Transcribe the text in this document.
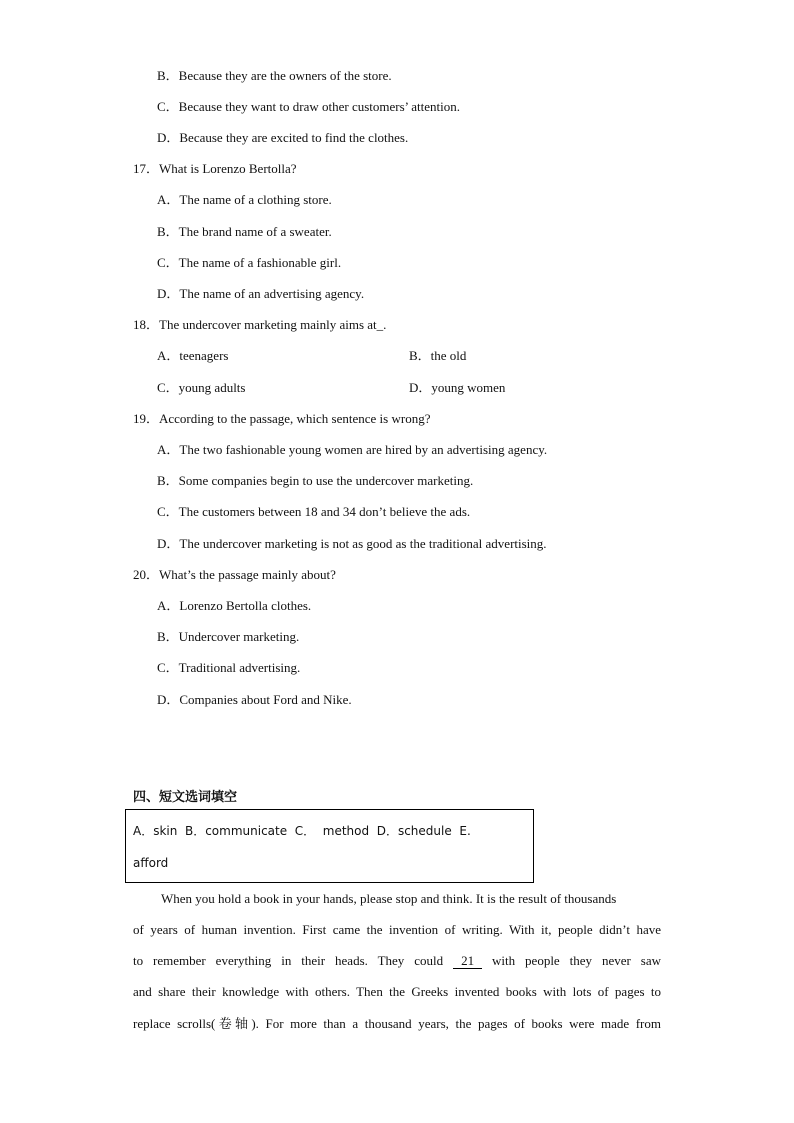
B．Because they are the owners of the store.
C．Because they want to draw other customers’ attention.
D．Because they are excited to find the clothes.
17．What is Lorenzo Bertolla?
A．The name of a clothing store.
B．The brand name of a sweater.
C．The name of a fashionable girl.
D．The name of an advertising agency.
18．The undercover marketing mainly aims at_.
A．teenagers	B．the old
C．young adults	D．young women
19．According to the passage, which sentence is wrong?
A．The two fashionable young women are hired by an advertising agency.
B．Some companies begin to use the undercover marketing.
C．The customers between 18 and 34 don’t believe the ads.
D．The undercover marketing is not as good as the traditional advertising.
20．What’s the passage mainly about?
A．Lorenzo Bertolla clothes.
B．Undercover marketing.
C．Traditional advertising.
D．Companies about Ford and Nike.
四、短文选词填空
A．skin  B．communicate  C．  method  D．schedule  E.
afford
When you hold a book in your hands, please stop and think. It is the result of thousands
of years of human invention. First came the invention of writing. With it, people didn’t have
to remember everything in their heads. They could 21 with people they never saw
and share their knowledge with others. Then the Greeks invented books with lots of pages to
replace scrolls(卷轴). For more than a thousand years, the pages of books were made from
